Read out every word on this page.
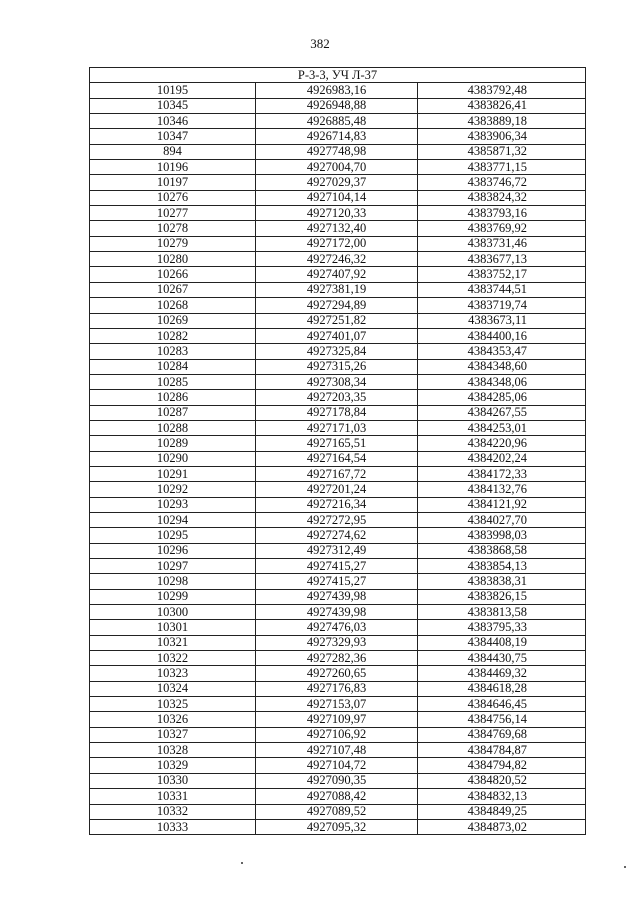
382
Р-3-3, УЧ Л-37		
10195	4926983,16	4383792,48
10345	4926948,88	4383826,41
10346	4926885,48	4383889,18
10347	4926714,83	4383906,34
894	4927748,98	4385871,32
10196	4927004,70	4383771,15
10197	4927029,37	4383746,72
10276	4927104,14	4383824,32
10277	4927120,33	4383793,16
10278	4927132,40	4383769,92
10279	4927172,00	4383731,46
10280	4927246,32	4383677,13
10266	4927407,92	4383752,17
10267	4927381,19	4383744,51
10268	4927294,89	4383719,74
10269	4927251,82	4383673,11
10282	4927401,07	4384400,16
10283	4927325,84	4384353,47
10284	4927315,26	4384348,60
10285	4927308,34	4384348,06
10286	4927203,35	4384285,06
10287	4927178,84	4384267,55
10288	4927171,03	4384253,01
10289	4927165,51	4384220,96
10290	4927164,54	4384202,24
10291	4927167,72	4384172,33
10292	4927201,24	4384132,76
10293	4927216,34	4384121,92
10294	4927272,95	4384027,70
10295	4927274,62	4383998,03
10296	4927312,49	4383868,58
10297	4927415,27	4383854,13
10298	4927415,27	4383838,31
10299	4927439,98	4383826,15
10300	4927439,98	4383813,58
10301	4927476,03	4383795,33
10321	4927329,93	4384408,19
10322	4927282,36	4384430,75
10323	4927260,65	4384469,32
10324	4927176,83	4384618,28
10325	4927153,07	4384646,45
10326	4927109,97	4384756,14
10327	4927106,92	4384769,68
10328	4927107,48	4384784,87
10329	4927104,72	4384794,82
10330	4927090,35	4384820,52
10331	4927088,42	4384832,13
10332	4927089,52	4384849,25
10333	4927095,32	4384873,02
